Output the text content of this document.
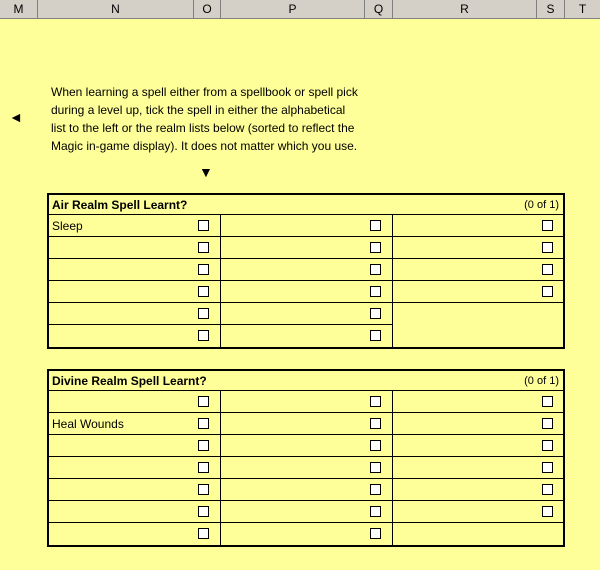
M	N	O	P	Q	R	S	T
◄
When learning a spell either from a spellbook or spell pick
during a level up, tick the spell in either the alphabetical
list to the left or the realm lists below (sorted to reflect the
Magic in-game display). It does not matter which you use.
▼
Air Realm Spell Learnt?	(0 of 1)
Sleep
Divine Realm Spell Learnt?	(0 of 1)
Heal Wounds
